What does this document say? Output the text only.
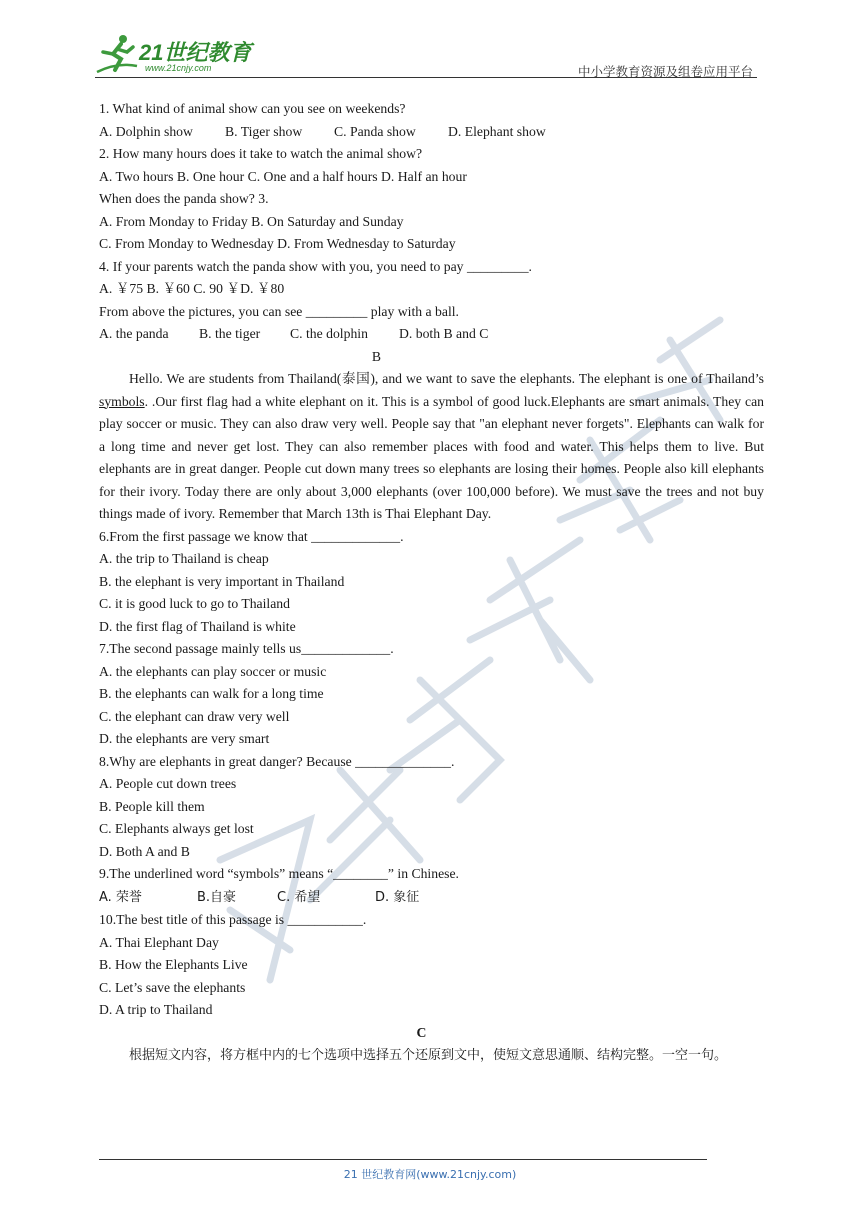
21世纪教育
www.21cnjy.com	中小学教育资源及组卷应用平台

1. What kind of animal show can you see on weekends?

A. Dolphin show B. Tiger show C. Panda show D. Elephant show

2. How many hours does it take to watch the animal show?

A. Two hours B. One hour C. One and a half hours D. Half an hour

When does the panda show? 3.

A. From Monday to Friday B. On Saturday and Sunday

C. From Monday to Wednesday D. From Wednesday to Saturday

4. If your parents watch the panda show with you, you need to pay _________.

A. ￥75 B. ￥60 C. 90 ￥D. ￥80

From above the pictures, you can see _________ play with a ball.

A. the panda B. the tiger C. the dolphin D. both B and C

B

Hello. We are students from Thailand(泰国), and we want to save the elephants. The elephant is one of Thailand’s symbols. .Our first flag had a white elephant on it. This is a symbol of good luck.Elephants are smart animals. They can play soccer or music. They can also draw very well. People say that "an elephant never forgets". Elephants can walk for a long time and never get lost. They can also remember places with food and water. This helps them to live. But elephants are in great danger. People cut down many trees so elephants are losing their homes. People also kill elephants for their ivory. Today there are only about 3,000 elephants (over 100,000 before). We must save the trees and not buy things made of ivory. Remember that March 13th is Thai Elephant Day.

6.From the first passage we know that _____________.

A. the trip to Thailand is cheap

B. the elephant is very important in Thailand

C. it is good luck to go to Thailand

D. the first flag of Thailand is white

7.The second passage mainly tells us_____________.

A. the elephants can play soccer or music

B. the elephants can walk for a long time

C. the elephant can draw very well

D. the elephants are very smart

8.Why are elephants in great danger? Because ______________.

A. People cut down trees

B. People kill them

C. Elephants always get lost

D. Both A and B

9.The underlined word “symbols” means “________” in Chinese.

A. 荣誉	B.自豪	C. 希望	D. 象征

10.The best title of this passage is ___________.

A. Thai Elephant Day

B. How the Elephants Live

C. Let’s save the elephants

D. A trip to Thailand

C

根据短文内容，将方框中内的七个选项中选择五个还原到文中，使短文意思通顺、结构完整。一空一句。

21 世纪教育网(www.21cnjy.com)
